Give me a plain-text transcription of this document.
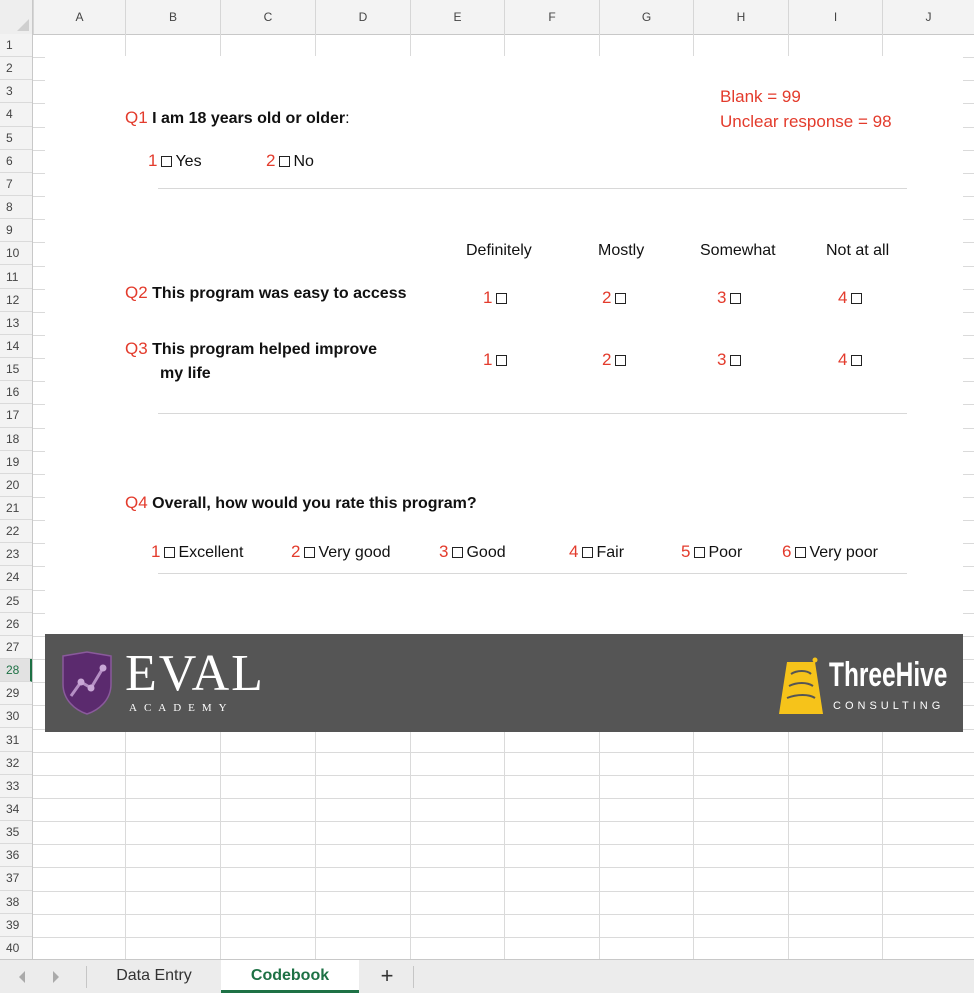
A	B	C	D	E	F	G	H	I	J
1
2
3
4
5
6
7
8
9
10
11
12
13
14
15
16
17
18
19
20
21
22
23
24
25
26
27
28
29
30
31
32
33
34
35
36
37
38
39
40
Blank = 99
Unclear response = 98
Q1 I am 18 years old or older:
1 Yes	2 No
Definitely	Mostly	Somewhat	Not at all
Q2 This program was easy to access	1	2	3	4
Q3 This program helped improve
my life
1	2	3	4
Q4 Overall, how would you rate this program?
1 Excellent	2 Very good	3 Good	4 Fair	5 Poor 6 Very poor
EVAL
ACADEMY
ThreeHive
CONSULTING
Data Entry	Codebook	+
